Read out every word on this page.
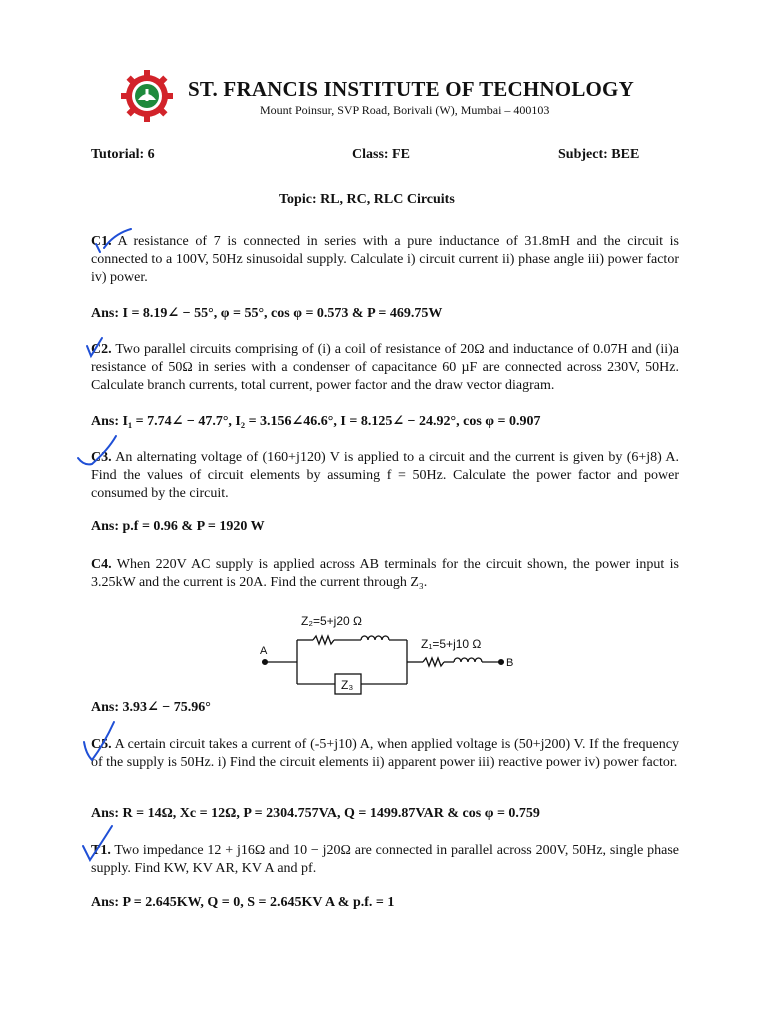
ST. FRANCIS INSTITUTE OF TECHNOLOGY
Mount Poinsur, SVP Road, Borivali (W), Mumbai – 400103
Tutorial: 6	Class: FE	Subject: BEE
Topic: RL, RC, RLC Circuits
C1. A resistance of 7 is connected in series with a pure inductance of 31.8mH and the circuit is connected to a 100V, 50Hz sinusoidal supply. Calculate i) circuit current ii) phase angle iii) power factor iv) power.
Ans: I = 8.19∠ − 55°, φ = 55°, cos φ = 0.573 & P = 469.75W
C2. Two parallel circuits comprising of (i) a coil of resistance of 20Ω and inductance of 0.07H and (ii)a resistance of 50Ω in series with a condenser of capacitance 60 µF are connected across 230V, 50Hz. Calculate branch currents, total current, power factor and the draw vector diagram.
Ans: I₁ = 7.74∠ − 47.7°, I₂ = 3.156∠46.6°, I = 8.125∠ − 24.92°, cos φ = 0.907
C3. An alternating voltage of (160+j120) V is applied to a circuit and the current is given by (6+j8) A. Find the values of circuit elements by assuming f = 50Hz. Calculate the power factor and power consumed by the circuit.
Ans: p.f = 0.96 & P = 1920 W
C4. When 220V AC supply is applied across AB terminals for the circuit shown, the power input is 3.25kW and the current is 20A. Find the current through Z₃.
Z₂=5+j20 Ω
Z₁=5+j10 Ω
Z₃
A
B
Ans: 3.93∠ − 75.96°
C5. A certain circuit takes a current of (-5+j10) A, when applied voltage is (50+j200) V. If the frequency of the supply is 50Hz. i) Find the circuit elements ii) apparent power iii) reactive power iv) power factor.
Ans: R = 14Ω, Xc = 12Ω, P = 2304.757VA, Q = 1499.87VAR & cos φ = 0.759
T1. Two impedance 12 + j16Ω and 10 − j20Ω are connected in parallel across 200V, 50Hz, single phase supply. Find KW, KV AR, KV A and pf.
Ans: P = 2.645KW, Q = 0, S = 2.645KV A & p.f. = 1
